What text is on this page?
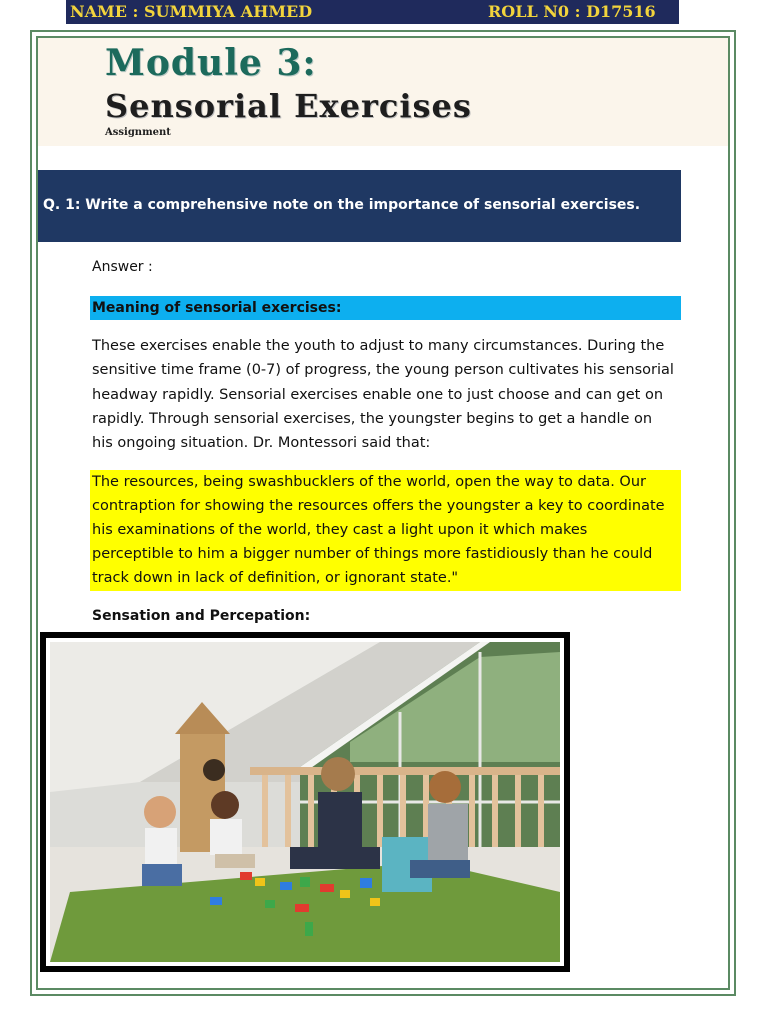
NAME : SUMMIYA AHMED	ROLL N0 : D17516
Module 3:
Sensorial Exercises
Assignment
Q. 1: Write a comprehensive note on the importance of sensorial exercises.
Answer :
Meaning of sensorial exercises:
These exercises enable the youth to adjust to many circumstances. During the
sensitive time frame (0-7) of progress, the young person cultivates his sensorial
headway rapidly. Sensorial exercises enable one to just choose and can get on
rapidly. Through sensorial exercises, the youngster begins to get a handle on
his ongoing situation. Dr. Montessori said that:
The resources, being swashbucklers of the world, open the way to data. Our
contraption for showing the resources offers the youngster a key to coordinate
his examinations of the world, they cast a light upon it which makes
perceptible to him a bigger number of things more fastidiously than he could
track down in lack of definition, or ignorant state."
Sensation and Percepation:
